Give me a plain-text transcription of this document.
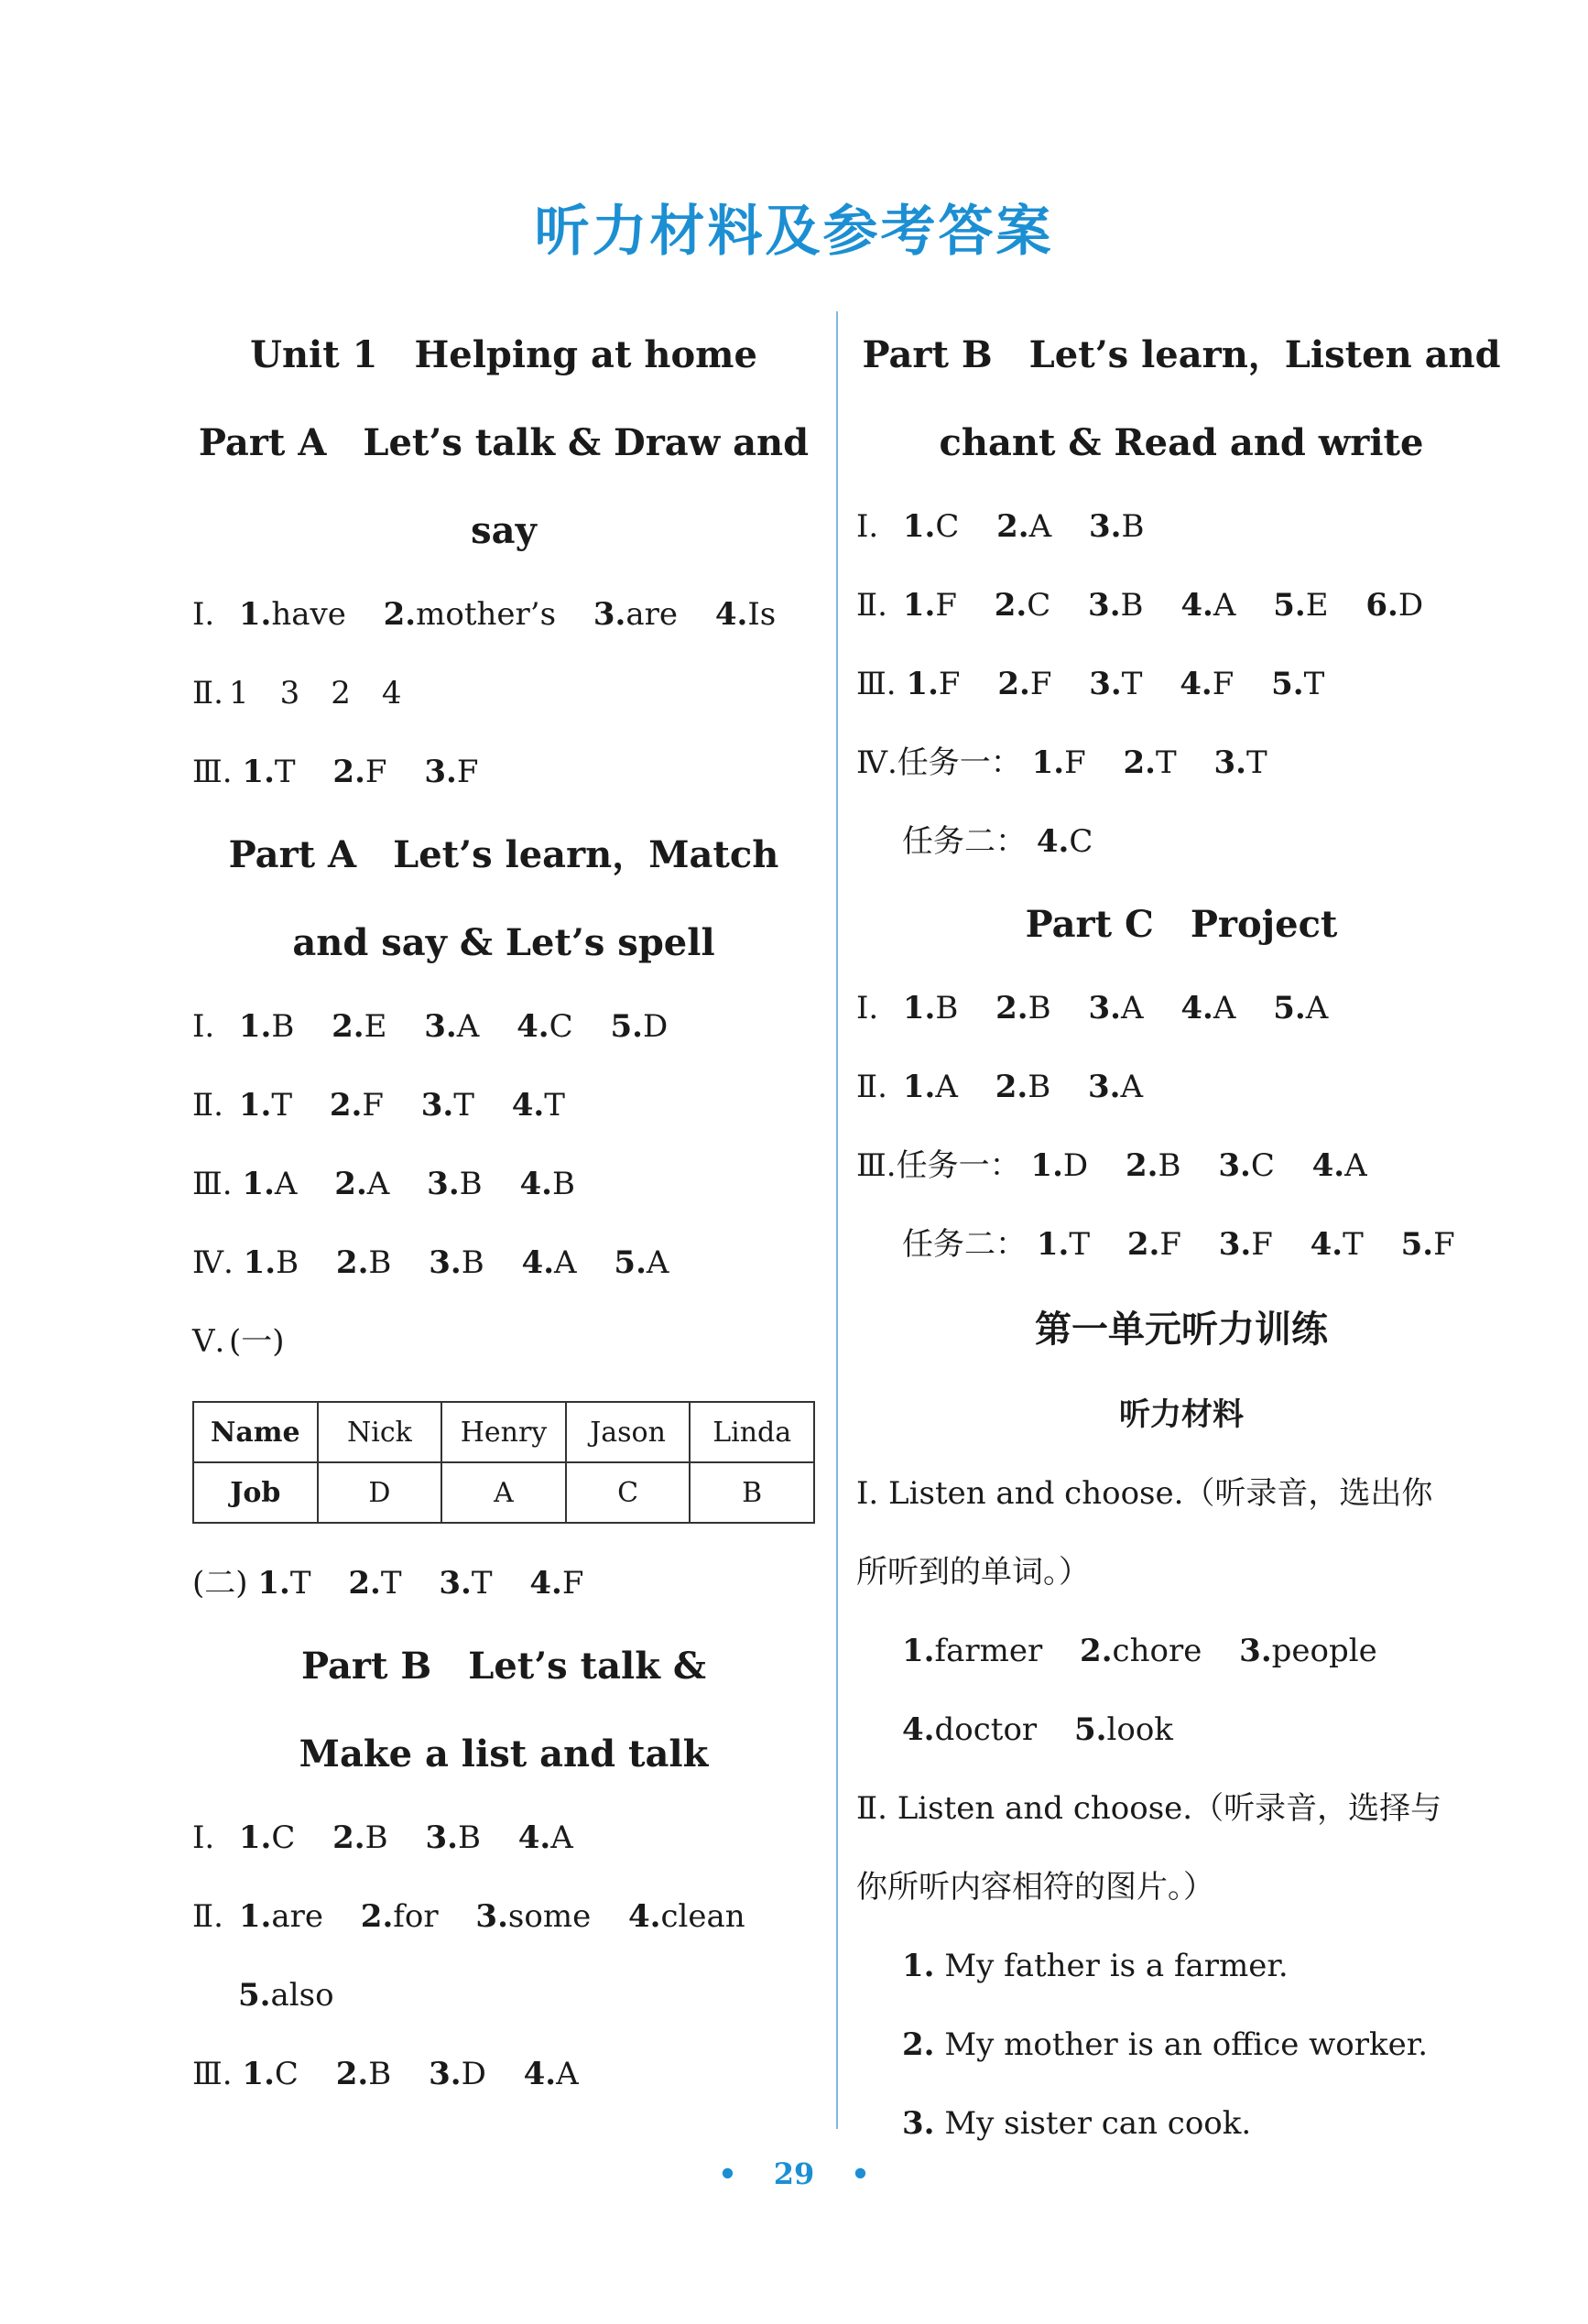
听力材料及参考答案
Unit 1 Helping at home
Part A Let’s talk & Draw and say
Ⅰ. 1.have 2.mother’s 3.are 4.Is
Ⅱ. 1 3 2 4
Ⅲ. 1.T 2.F 3.F
Part A Let’s learn，Match
and say & Let’s spell
Ⅰ. 1.B 2.E 3.A 4.C 5.D
Ⅱ. 1.T 2.F 3.T 4.T
Ⅲ. 1.A 2.A 3.B 4.B
Ⅳ. 1.B 2.B 3.B 4.A 5.A
Ⅴ. (一)
Name	Nick	Henry	Jason	Linda
Job	D	A	C	B
(二) 1.T 2.T 3.T 4.F
Part B Let’s talk &
Make a list and talk
Ⅰ. 1.C 2.B 3.B 4.A
Ⅱ. 1.are 2.for 3.some 4.clean
5.also
Ⅲ. 1.C 2.B 3.D 4.A
Part B Let’s learn，Listen and
chant & Read and write
Ⅰ. 1.C 2.A 3.B
Ⅱ. 1.F 2.C 3.B 4.A 5.E 6.D
Ⅲ. 1.F 2.F 3.T 4.F 5.T
Ⅳ.任务一： 1.F 2.T 3.T
任务二： 4.C
Part C Project
Ⅰ. 1.B 2.B 3.A 4.A 5.A
Ⅱ. 1.A 2.B 3.A
Ⅲ.任务一： 1.D 2.B 3.C 4.A
任务二： 1.T 2.F 3.F 4.T 5.F
第一单元听力训练
听力材料
Ⅰ. Listen and choose.（听录音，选出你
所听到的单词。）
1.farmer 2.chore 3.people
4.doctor 5.look
Ⅱ. Listen and choose.（听录音，选择与
你所听内容相符的图片。）
1. My father is a farmer.
2. My mother is an office worker.
3. My sister can cook.
• 29 •
